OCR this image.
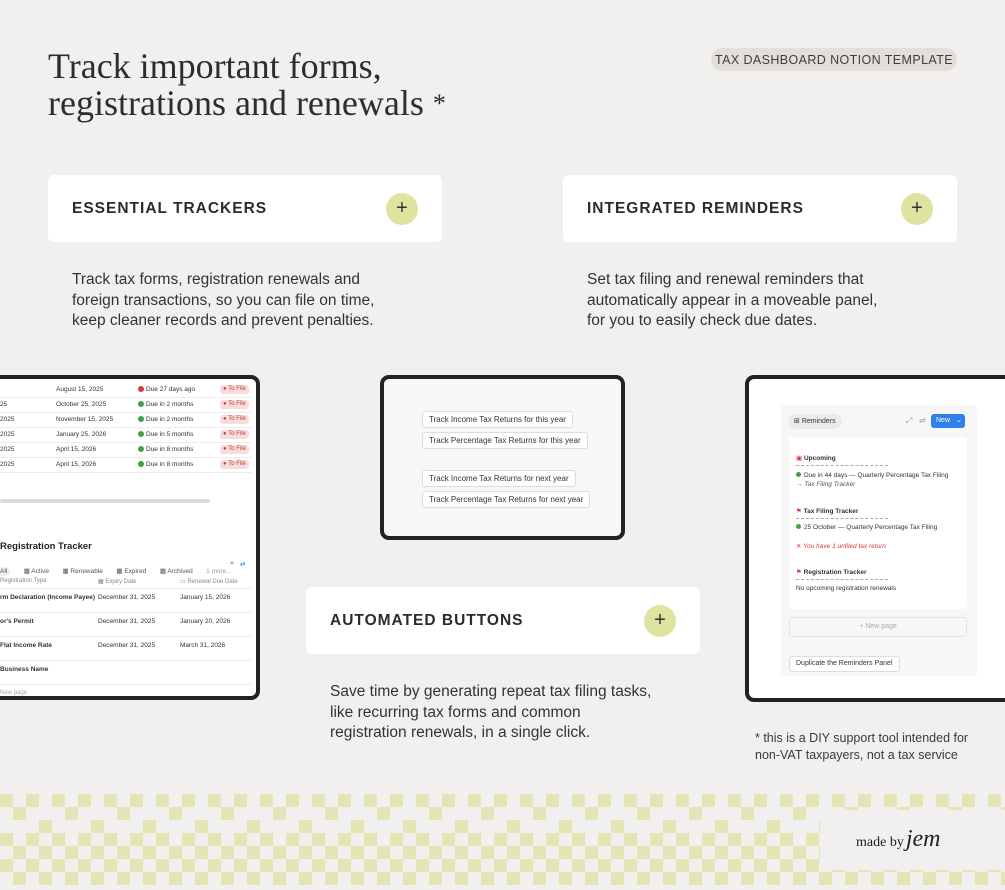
Track important forms,
registrations and renewals *
TAX DASHBOARD NOTION TEMPLATE
ESSENTIAL TRACKERS	+
Track tax forms, registration renewals and
foreign transactions, so you can file on time,
keep cleaner records and prevent penalties.
INTEGRATED REMINDERS	+
Set tax filing and renewal reminders that
automatically appear in a moveable panel,
for you to easily check due dates.
August 15, 2025	Due 27 days ago	● To File
25	October 25, 2025	Due in 2 months	● To File
2025	November 15, 2025	Due in 2 months	● To File
2025	January 25, 2026	Due in 5 months	● To File
2025	April 15, 2026	Due in 8 months	● To File
2025	April 15, 2026	Due in 8 months	● To File
Registration Tracker
All	▦ Active ▦ Renewable ▦ Expired ▦ Archived 1 more...
⩸ ⇄
Registration Type	▦ Expiry Date	▭ Renewal Due Date
rm Declaration (Income Payee) December 31, 2025	January 15, 2026
or's Permit	December 31, 2025	January 20, 2026
Flat Income Rate	December 31, 2025	March 31, 2026
Business Name
New page
Track Income Tax Returns for this year
Track Percentage Tax Returns for this year
Track Income Tax Returns for next year
Track Percentage Tax Returns for next year
AUTOMATED BUTTONS	+
Save time by generating repeat tax filing tasks,
like recurring tax forms and common
registration renewals, in a single click.
⊞ Reminders	⤢ ⇌	New ⌄
▣ Upcoming
Due in 44 days — Quarterly Percentage Tax Filing
→ Tax Filing Tracker
⚑ Tax Filing Tracker
25 October — Quarterly Percentage Tax Filing
✕ You have 1 unfiled tax return
⚑ Registration Tracker
No upcoming registration renewals
+ New page
Duplicate the Reminders Panel
* this is a DIY support tool intended for
non-VAT taxpayers, not a tax service
made byjem
